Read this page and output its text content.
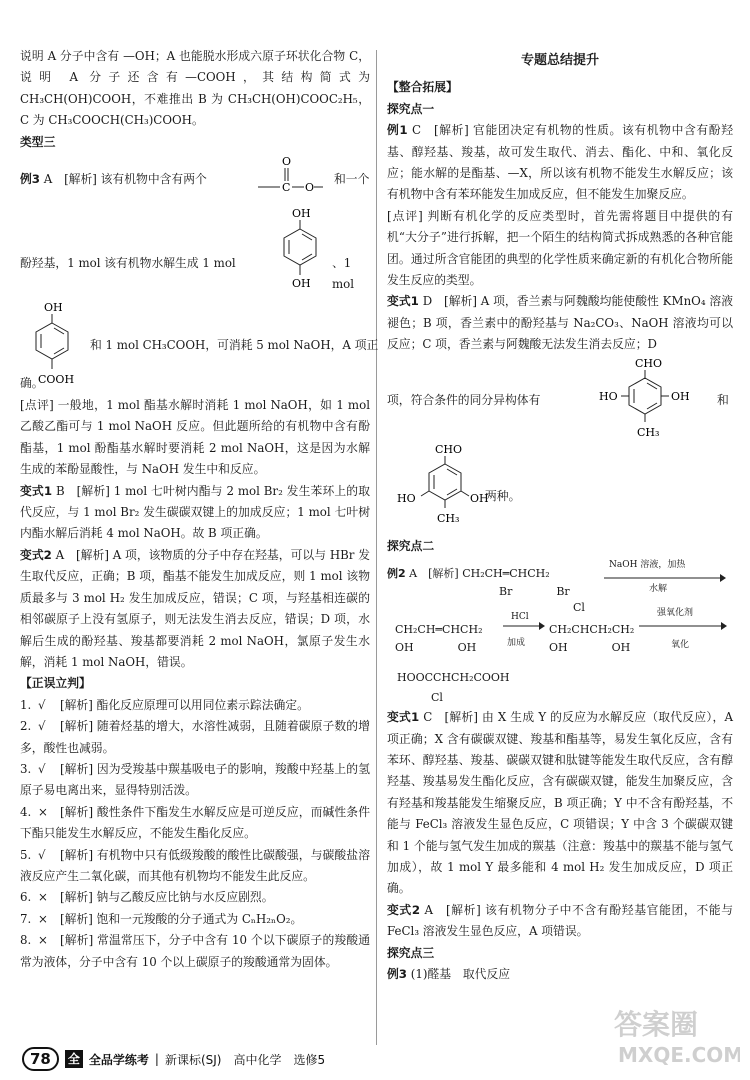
说明 A 分子中含有 —OH；A 也能脱水形成六原子环状化合物 C，说明 A 分子还含有—COOH，其结构简式为 CH₃CH(OH)COOH，不难推出 B 为 CH₃CH(OH)COOC₂H₅，C 为 CH₃COOCH(CH₃)COOH。

类型三

例3 A　[解析] 该有机物中含有两个
O
C O
和一个
酚羟基，1 mol 该有机物水解生成 1 mol
OH
OH
、1 mol
OH
COOH
和 1 mol CH₃COOH，可消耗 5 mol NaOH，A 项正
确。

[点评] 一般地，1 mol 酯基水解时消耗 1 mol NaOH，如 1 mol 乙酸乙酯可与 1 mol NaOH 反应。但此题所给的有机物中含有酚酯基，1 mol 酚酯基水解时要消耗 2 mol NaOH，这是因为水解生成的苯酚显酸性，与 NaOH 发生中和反应。

变式1 B　[解析] 1 mol 七叶树内酯与 2 mol Br₂ 发生苯环上的取代反应，与 1 mol Br₂ 发生碳碳双键上的加成反应；1 mol 七叶树内酯水解后消耗 4 mol NaOH。故 B 项正确。

变式2 A　[解析] A 项，该物质的分子中存在羟基，可以与 HBr 发生取代反应，正确；B 项，酯基不能发生加成反应，则 1 mol 该物质最多与 3 mol H₂ 发生加成反应，错误；C 项，与羟基相连碳的相邻碳原子上没有氢原子，则无法发生消去反应，错误；D 项，水解后生成的酚羟基、羧基都要消耗 2 mol NaOH，氯原子发生水解，消耗 1 mol NaOH，错误。

【正误立判】

1. √ [解析] 酯化反应原理可以用同位素示踪法确定。

2. √ [解析] 随着烃基的增大，水溶性减弱，且随着碳原子数的增多，酸性也减弱。

3. √ [解析] 因为受羧基中羰基吸电子的影响，羧酸中羟基上的氢原子易电离出来，显得特别活泼。

4. × [解析] 酸性条件下酯发生水解反应是可逆反应，而碱性条件下酯只能发生水解反应，不能发生酯化反应。

5. √ [解析] 有机物中只有低级羧酸的酸性比碳酸强，与碳酸盐溶液反应产生二氧化碳，而其他有机物均不能发生此反应。

6. × [解析] 钠与乙酸反应比钠与水反应剧烈。

7. × [解析] 饱和一元羧酸的分子通式为 CₙH₂ₙO₂。

8. × [解析] 常温常压下，分子中含有 10 个以下碳原子的羧酸通常为液体，分子中含有 10 个以上碳原子的羧酸通常为固体。

专题总结提升

【整合拓展】

探究点一

例1 C　[解析] 官能团决定有机物的性质。该有机物中含有酚羟基、醇羟基、羧基，故可发生取代、消去、酯化、中和、氧化反应；能水解的是酯基、—X，所以该有机物不能发生水解反应；该有机物中含有苯环能发生加成反应，但不能发生加聚反应。

[点评] 判断有机化学的反应类型时，首先需将题目中提供的有机“大分子”进行拆解，把一个陌生的结构简式拆成熟悉的各种官能团。通过所含官能团的典型的化学性质来确定新的有机化合物所能发生反应的类型。

变式1 D　[解析] A 项，香兰素与阿魏酸均能使酸性 KMnO₄ 溶液褪色；B 项，香兰素中的酚羟基与 Na₂CO₃、NaOH 溶液均可以反应；C 项，香兰素与阿魏酸无法发生消去反应；D

项，符合条件的同分异构体有
CHO
HO	OH
CH₃
和
CHO
HO	OH
CH₃
两种。

探究点二

例2 A　[解析] CH₂CH═CHCH₂
Br　　　　Br
NaOH 溶液，加热
水解
CH₂CH═CHCH₂
OH　　　　OH
HCl
加成
Cl
CH₂CHCH₂CH₂
OH　　　　OH
强氧化剂
氧化
HOOCCHCH₂COOH
Cl

变式1 C　[解析] 由 X 生成 Y 的反应为水解反应（取代反应），A 项正确；X 含有碳碳双键、羧基和酯基等，易发生氧化反应，含有苯环、醇羟基、羧基、碳碳双键和肽键等能发生取代反应，含有醇羟基、羧基易发生酯化反应，含有碳碳双键，能发生加聚反应，含有羟基和羧基能发生缩聚反应，B 项正确；Y 中不含有酚羟基，不能与 FeCl₃ 溶液发生显色反应，C 项错误；Y 中含 3 个碳碳双键和 1 个能与氢气发生加成的羰基（注意：羧基中的羰基不能与氢气加成），故 1 mol Y 最多能和 4 mol H₂ 发生加成反应，D 项正确。

变式2 A　[解析] 该有机物分子中不含有酚羟基官能团，不能与 FeCl₃ 溶液发生显色反应，A 项错误。

探究点三

例3 (1)醛基　取代反应

78	全 全品学练考 | 新课标(SJ) 高中化学 选修5
答案圈
MXQE.COM
